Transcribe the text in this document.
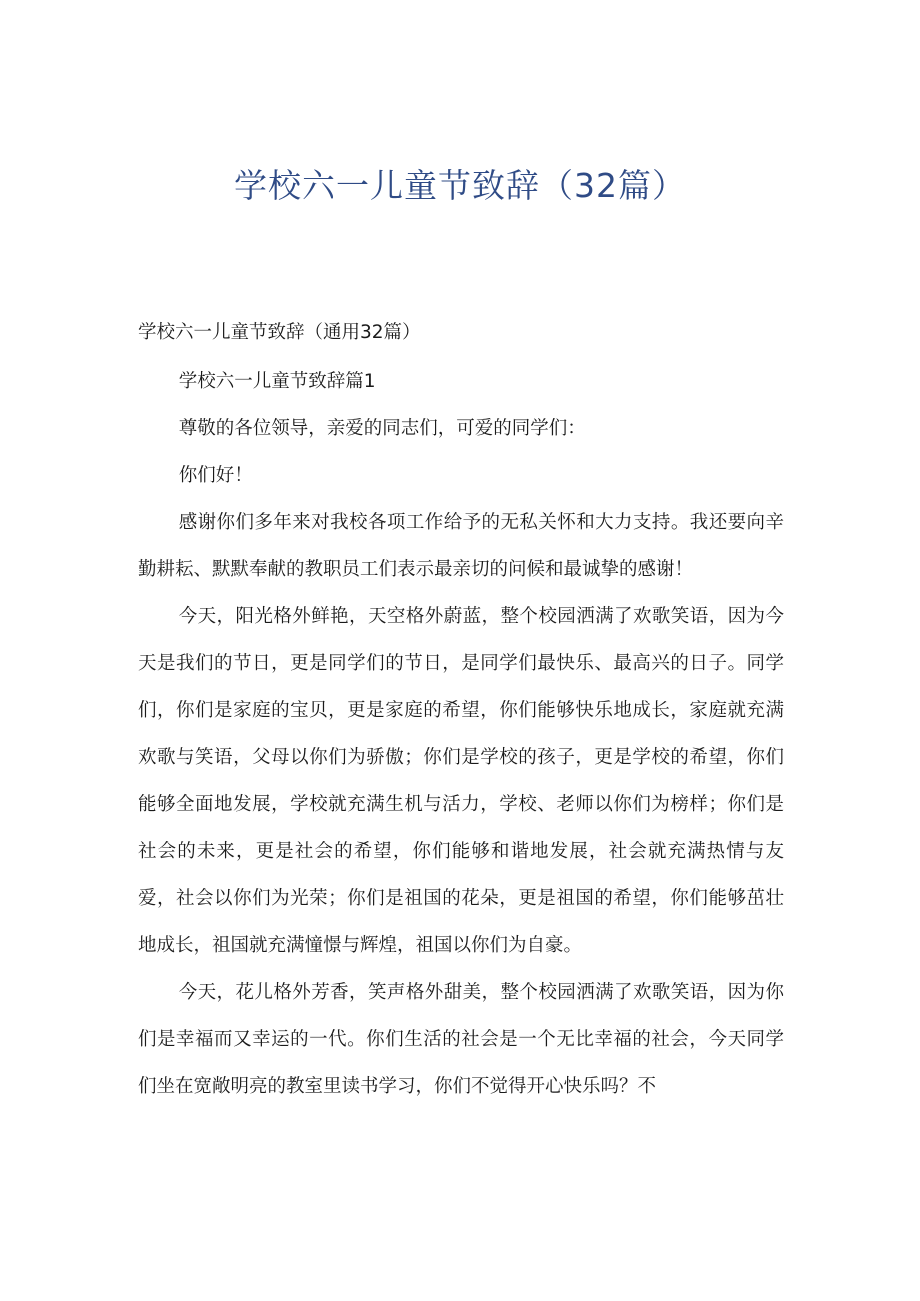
学校六一儿童节致辞（32篇）

学校六一儿童节致辞（通用32篇）

学校六一儿童节致辞篇1

尊敬的各位领导，亲爱的同志们，可爱的同学们：

你们好！

感谢你们多年来对我校各项工作给予的无私关怀和大力支持。我还要向辛勤耕耘、默默奉献的教职员工们表示最亲切的问候和最诚挚的感谢！

今天，阳光格外鲜艳，天空格外蔚蓝，整个校园洒满了欢歌笑语，因为今天是我们的节日，更是同学们的节日，是同学们最快乐、最高兴的日子。同学们，你们是家庭的宝贝，更是家庭的希望，你们能够快乐地成长，家庭就充满欢歌与笑语，父母以你们为骄傲；你们是学校的孩子，更是学校的希望，你们能够全面地发展，学校就充满生机与活力，学校、老师以你们为榜样；你们是社会的未来，更是社会的希望，你们能够和谐地发展，社会就充满热情与友爱，社会以你们为光荣；你们是祖国的花朵，更是祖国的希望，你们能够茁壮地成长，祖国就充满憧憬与辉煌，祖国以你们为自豪。

今天，花儿格外芳香，笑声格外甜美，整个校园洒满了欢歌笑语，因为你们是幸福而又幸运的一代。你们生活的社会是一个无比幸福的社会，今天同学们坐在宽敞明亮的教室里读书学习，你们不觉得开心快乐吗？不
